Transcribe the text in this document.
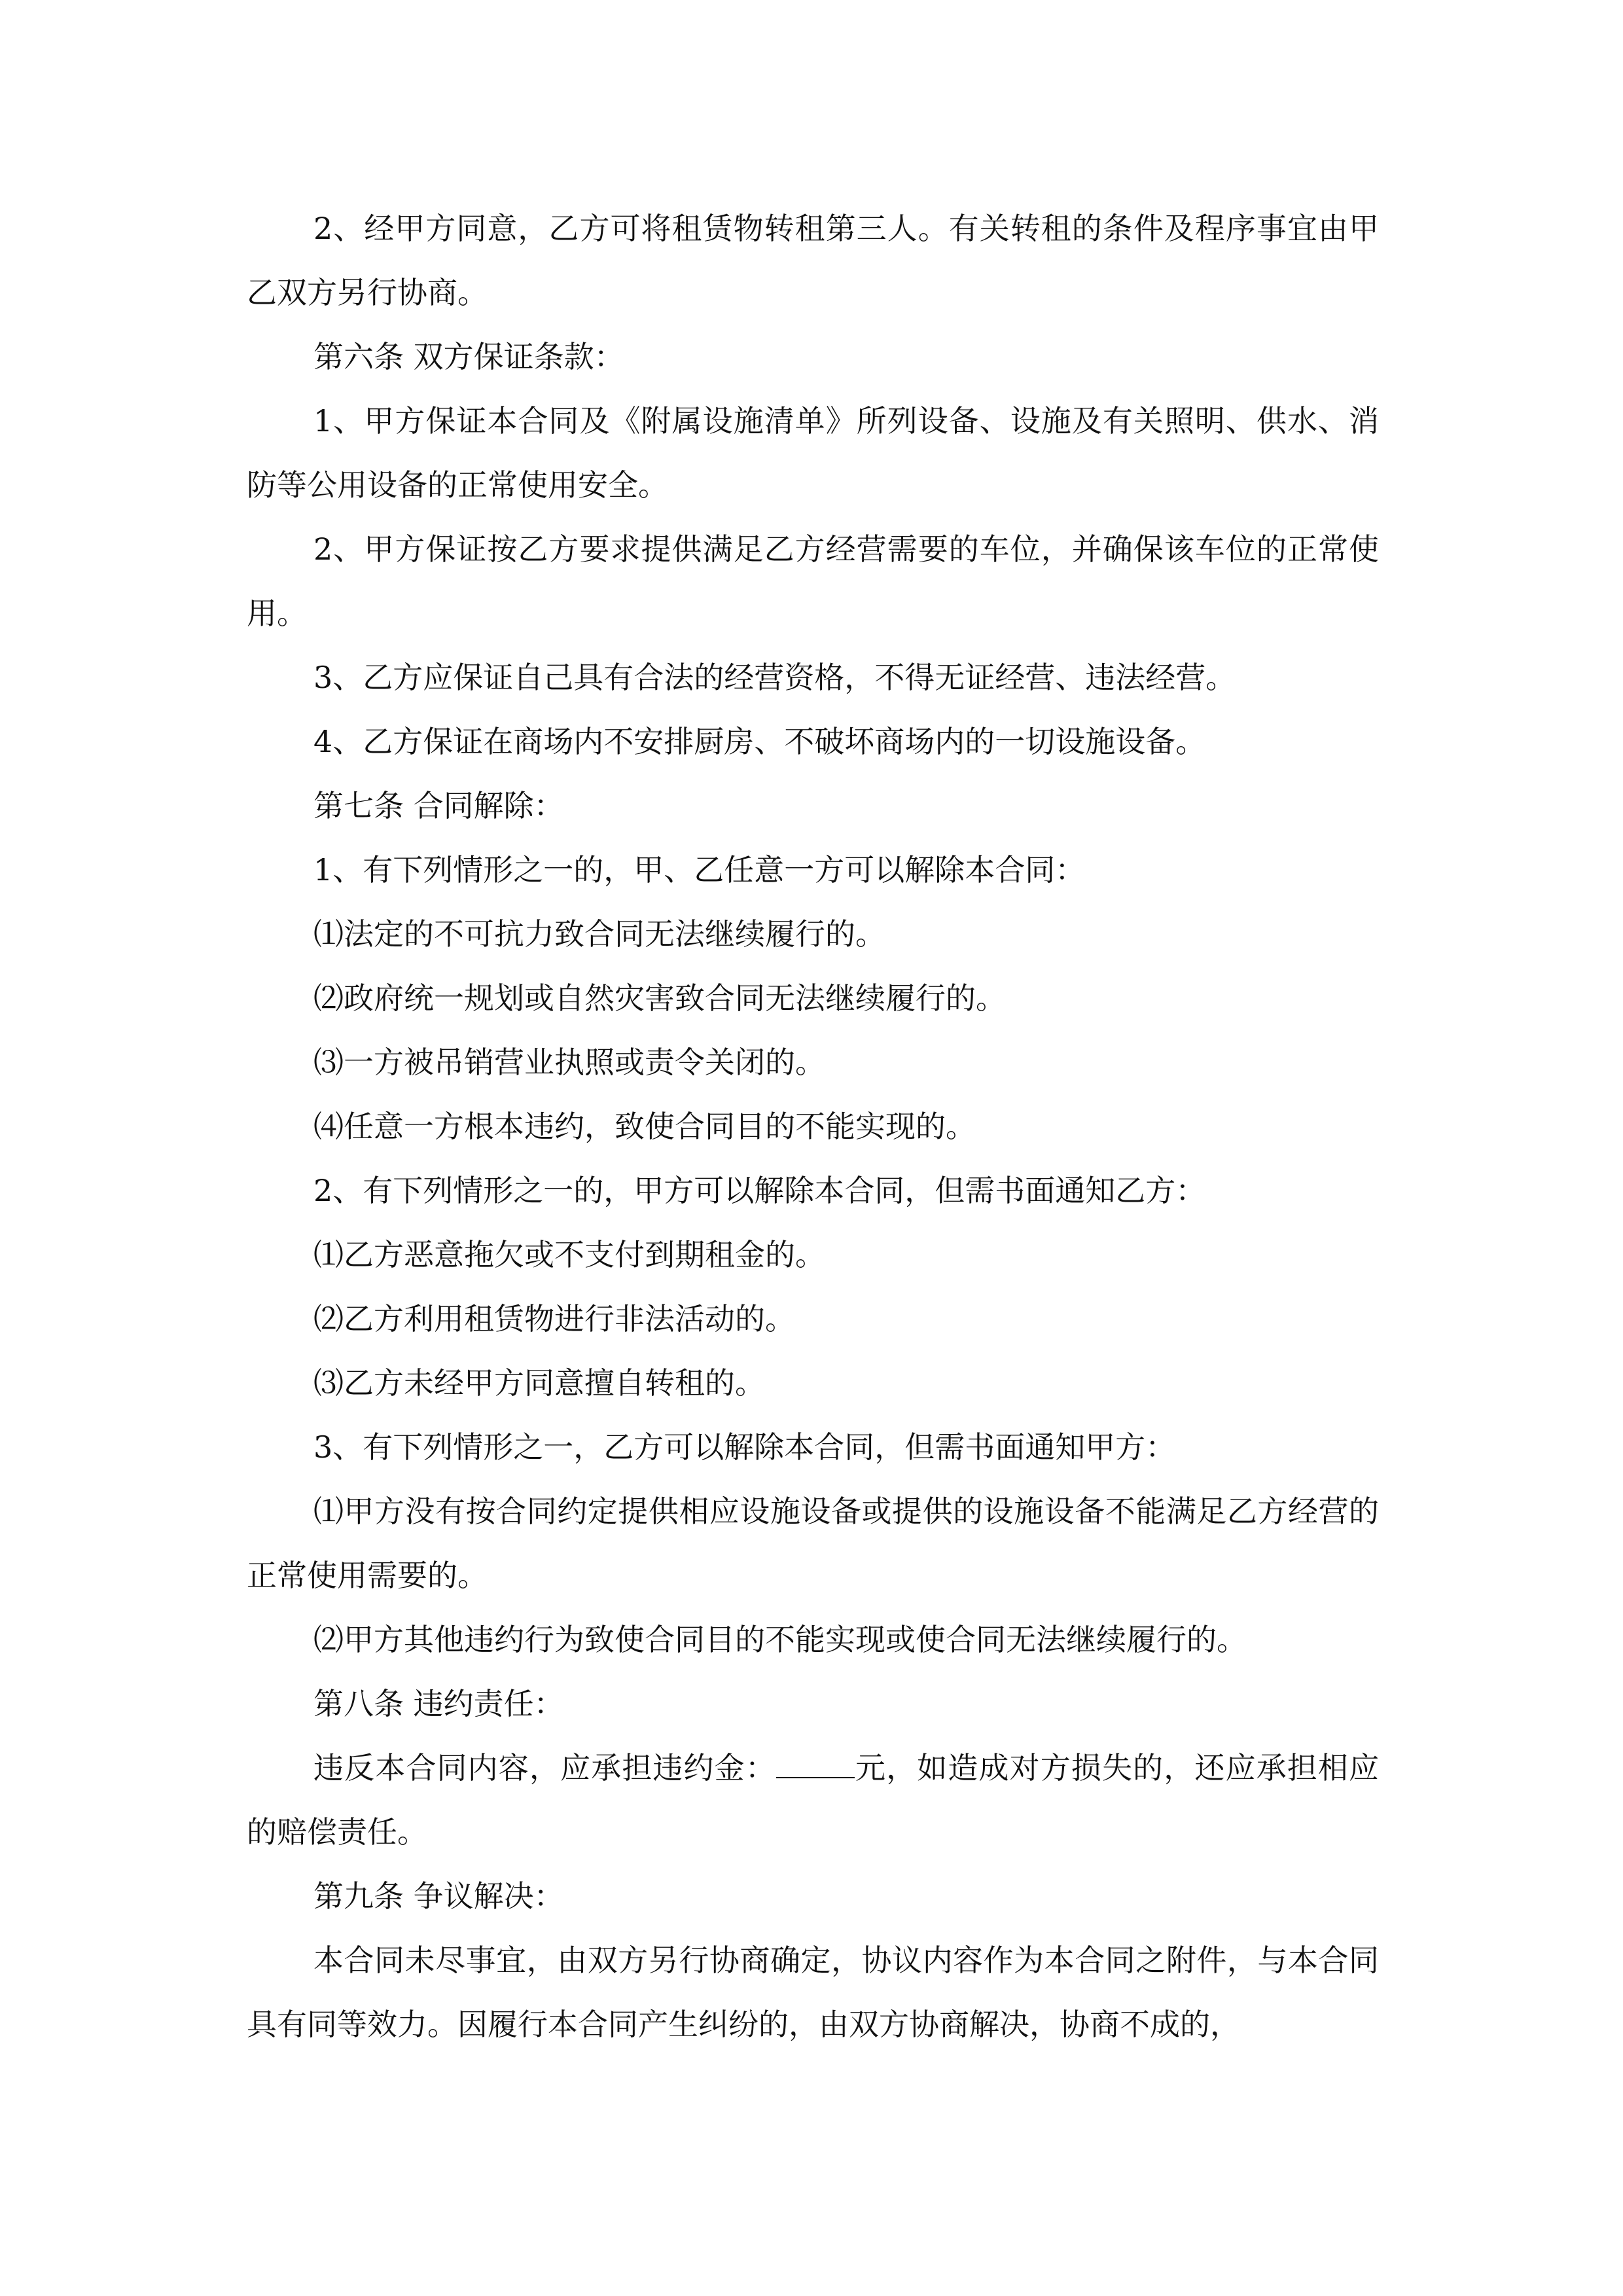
2、经甲方同意，乙方可将租赁物转租第三人。有关转租的条件及程序事宜由甲乙双方另行协商。

第六条 双方保证条款：

1、甲方保证本合同及《附属设施清单》所列设备、设施及有关照明、供水、消防等公用设备的正常使用安全。

2、甲方保证按乙方要求提供满足乙方经营需要的车位，并确保该车位的正常使用。

3、乙方应保证自己具有合法的经营资格，不得无证经营、违法经营。

4、乙方保证在商场内不安排厨房、不破坏商场内的一切设施设备。

第七条 合同解除：

1、有下列情形之一的，甲、乙任意一方可以解除本合同：

⑴法定的不可抗力致合同无法继续履行的。

⑵政府统一规划或自然灾害致合同无法继续履行的。

⑶一方被吊销营业执照或责令关闭的。

⑷任意一方根本违约，致使合同目的不能实现的。

2、有下列情形之一的，甲方可以解除本合同，但需书面通知乙方：

⑴乙方恶意拖欠或不支付到期租金的。

⑵乙方利用租赁物进行非法活动的。

⑶乙方未经甲方同意擅自转租的。

3、有下列情形之一，乙方可以解除本合同，但需书面通知甲方：

⑴甲方没有按合同约定提供相应设施设备或提供的设施设备不能满足乙方经营的正常使用需要的。

⑵甲方其他违约行为致使合同目的不能实现或使合同无法继续履行的。

第八条 违约责任：

违反本合同内容，应承担违约金：	元，如造成对方损失的，还应承担相应的赔偿责任。

第九条 争议解决：

本合同未尽事宜，由双方另行协商确定，协议内容作为本合同之附件，与本合同具有同等效力。因履行本合同产生纠纷的，由双方协商解决，协商不成的，
